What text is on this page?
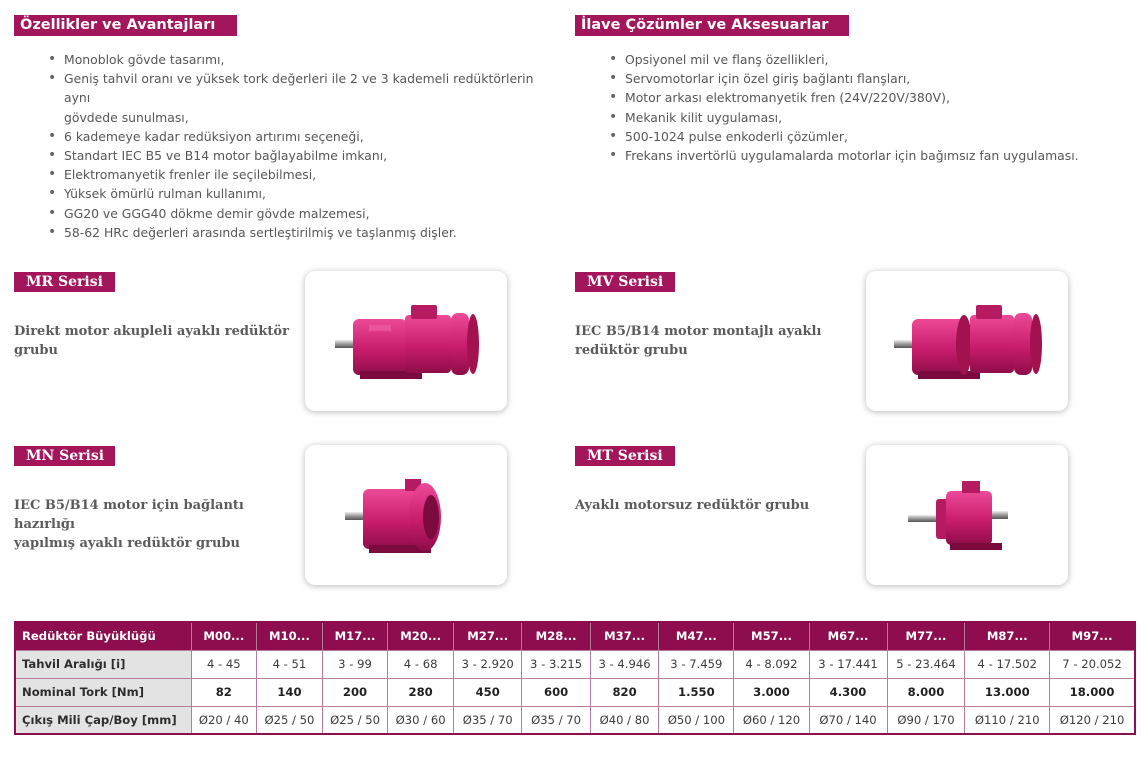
Özellikler ve Avantajları	İlave Çözümler ve Aksesuarlar
• Monoblok gövde tasarımı,
• Geniş tahvil oranı ve yüksek tork değerleri ile 2 ve 3 kademeli redüktörlerin aynı
gövdede sunulması,
• 6 kademeye kadar redüksiyon artırımı seçeneği,
• Standart IEC B5 ve B14 motor bağlayabilme imkanı,
• Elektromanyetik frenler ile seçilebilmesi,
• Yüksek ömürlü rulman kullanımı,
• GG20 ve GGG40 dökme demir gövde malzemesi,
• 58-62 HRc değerleri arasında sertleştirilmiş ve taşlanmış dişler.
• Opsiyonel mil ve flanş özellikleri,
• Servomotorlar için özel giriş bağlantı flanşları,
• Motor arkası elektromanyetik fren (24V/220V/380V),
• Mekanik kilit uygulaması,
• 500-1024 pulse enkoderli çözümler,
• Frekans invertörlü uygulamalarda motorlar için bağımsız fan uygulaması.
MR Serisi
Direkt motor akupleli ayaklı redüktör
grubu
MV Serisi
IEC B5/B14 motor montajlı ayaklı
redüktör grubu
MN Serisi
IEC B5/B14 motor için bağlantı hazırlığı
yapılmış ayaklı redüktör grubu
MT Serisi
Ayaklı motorsuz redüktör grubu
Redüktör Büyüklüğü	M00...	M10...	M17...	M20...	M27...	M28...	M37...	M47...	M57...	M67...	M77...	M87...	M97...
Tahvil Aralığı [i]	4 - 45	4 - 51	3 - 99	4 - 68	3 - 2.920	3 - 3.215	3 - 4.946	3 - 7.459	4 - 8.092	3 - 17.441	5 - 23.464	4 - 17.502	7 - 20.052
Nominal Tork [Nm]	82	140	200	280	450	600	820	1.550	3.000	4.300	8.000	13.000	18.000
Çıkış Mili Çap/Boy [mm]	Ø20 / 40	Ø25 / 50	Ø25 / 50	Ø30 / 60	Ø35 / 70	Ø35 / 70	Ø40 / 80	Ø50 / 100	Ø60 / 120	Ø70 / 140	Ø90 / 170	Ø110 / 210	Ø120 / 210
